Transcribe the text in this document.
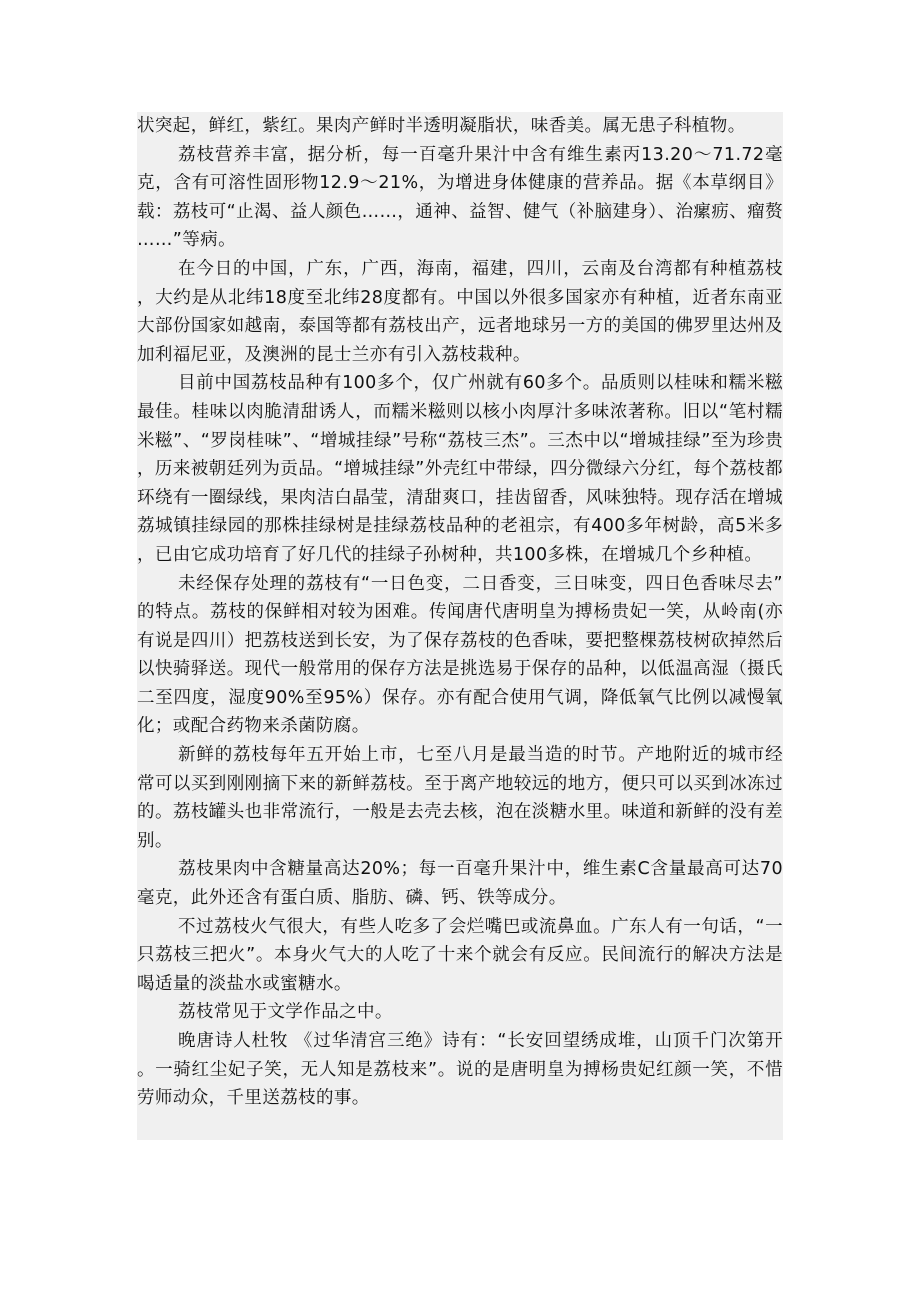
状突起，鲜红，紫红。果肉产鲜时半透明凝脂状，味香美。属无患子科植物。

荔枝营养丰富，据分析，每一百毫升果汁中含有维生素丙13.20～71.72毫克，含有可溶性固形物12.9～21%，为增进身体健康的营养品。据《本草纲目》载：荔枝可“止渴、益人颜色……，通神、益智、健气（补脑建身）、治瘰疬、瘤赘……”等病。

在今日的中国，广东，广西，海南，福建，四川，云南及台湾都有种植荔枝，大约是从北纬18度至北纬28度都有。中国以外很多国家亦有种植，近者东南亚大部份国家如越南，泰国等都有荔枝出产，远者地球另一方的美国的佛罗里达州及加利福尼亚，及澳洲的昆士兰亦有引入荔枝栽种。

目前中国荔枝品种有100多个，仅广州就有60多个。品质则以桂味和糯米糍最佳。桂味以肉脆清甜诱人，而糯米糍则以核小肉厚汁多味浓著称。旧以“笔村糯米糍”、“罗岗桂味”、“增城挂绿”号称“荔枝三杰”。三杰中以“增城挂绿”至为珍贵，历来被朝廷列为贡品。“增城挂绿”外壳红中带绿，四分微绿六分红，每个荔枝都环绕有一圈绿线，果肉洁白晶莹，清甜爽口，挂齿留香，风味独特。现存活在增城荔城镇挂绿园的那株挂绿树是挂绿荔枝品种的老祖宗，有400多年树龄，高5米多，已由它成功培育了好几代的挂绿子孙树种，共100多株，在增城几个乡种植。

未经保存处理的荔枝有“一日色变，二日香变，三日味变，四日色香味尽去”的特点。荔枝的保鲜相对较为困难。传闻唐代唐明皇为搏杨贵妃一笑，从岭南(亦有说是四川）把荔枝送到长安，为了保存荔枝的色香味，要把整棵荔枝树砍掉然后以快骑驿送。现代一般常用的保存方法是挑选易于保存的品种，以低温高湿（摄氏二至四度，湿度90%至95%）保存。亦有配合使用气调，降低氧气比例以减慢氧化；或配合药物来杀菌防腐。

新鲜的荔枝每年五开始上市，七至八月是最当造的时节。产地附近的城市经常可以买到刚刚摘下来的新鲜荔枝。至于离产地较远的地方，便只可以买到冰冻过的。荔枝罐头也非常流行，一般是去壳去核，泡在淡糖水里。味道和新鲜的没有差别。

荔枝果肉中含糖量高达20%；每一百毫升果汁中，维生素C含量最高可达70毫克，此外还含有蛋白质、脂肪、磷、钙、铁等成分。

不过荔枝火气很大，有些人吃多了会烂嘴巴或流鼻血。广东人有一句话，“一只荔枝三把火”。本身火气大的人吃了十来个就会有反应。民间流行的解决方法是喝适量的淡盐水或蜜糖水。

荔枝常见于文学作品之中。

晚唐诗人杜牧 《过华清宫三绝》诗有：“长安回望绣成堆，山顶千门次第开。一骑红尘妃子笑，无人知是荔枝来”。说的是唐明皇为搏杨贵妃红颜一笑，不惜劳师动众，千里送荔枝的事。
